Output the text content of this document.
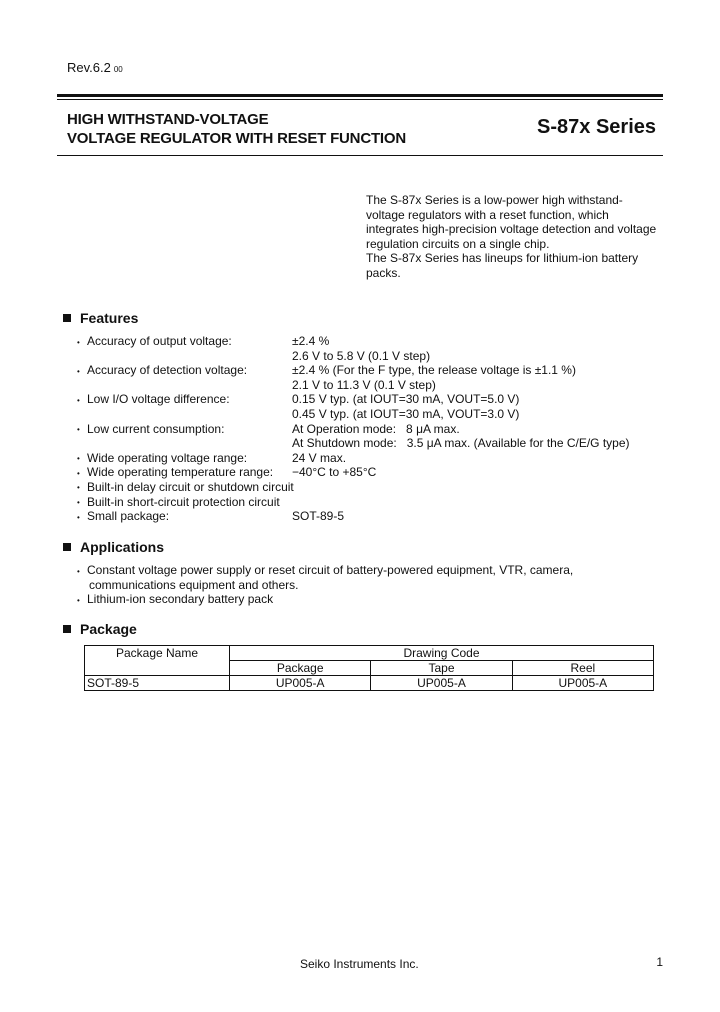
Rev.6.2 00
HIGH WITHSTAND-VOLTAGE
VOLTAGE REGULATOR WITH RESET FUNCTION
S-87x Series
The S-87x Series is a low-power high withstand-
voltage regulators with a reset function, which
integrates high-precision voltage detection and voltage
regulation circuits on a single chip.
The S-87x Series has lineups for lithium-ion battery
packs.
Features
• Accuracy of output voltage:	±2.4 %
2.6 V to 5.8 V (0.1 V step)
• Accuracy of detection voltage:	±2.4 % (For the F type, the release voltage is ±1.1 %)
2.1 V to 11.3 V (0.1 V step)
• Low I/O voltage difference:	0.15 V typ. (at IOUT=30 mA, VOUT=5.0 V)
0.45 V typ. (at IOUT=30 mA, VOUT=3.0 V)
• Low current consumption:	At Operation mode:   8 μA max.
At Shutdown mode:   3.5 μA max. (Available for the C/E/G type)
• Wide operating voltage range:	24 V max.
• Wide operating temperature range: −40°C to +85°C
• Built-in delay circuit or shutdown circuit
• Built-in short-circuit protection circuit
• Small package:	SOT-89-5
Applications
• Constant voltage power supply or reset circuit of battery-powered equipment, VTR, camera,
communications equipment and others.
• Lithium-ion secondary battery pack
Package
Package Name	Drawing Code		
	Package	Tape	Reel
SOT-89-5	UP005-A	UP005-A	UP005-A
Seiko Instruments Inc.	1
